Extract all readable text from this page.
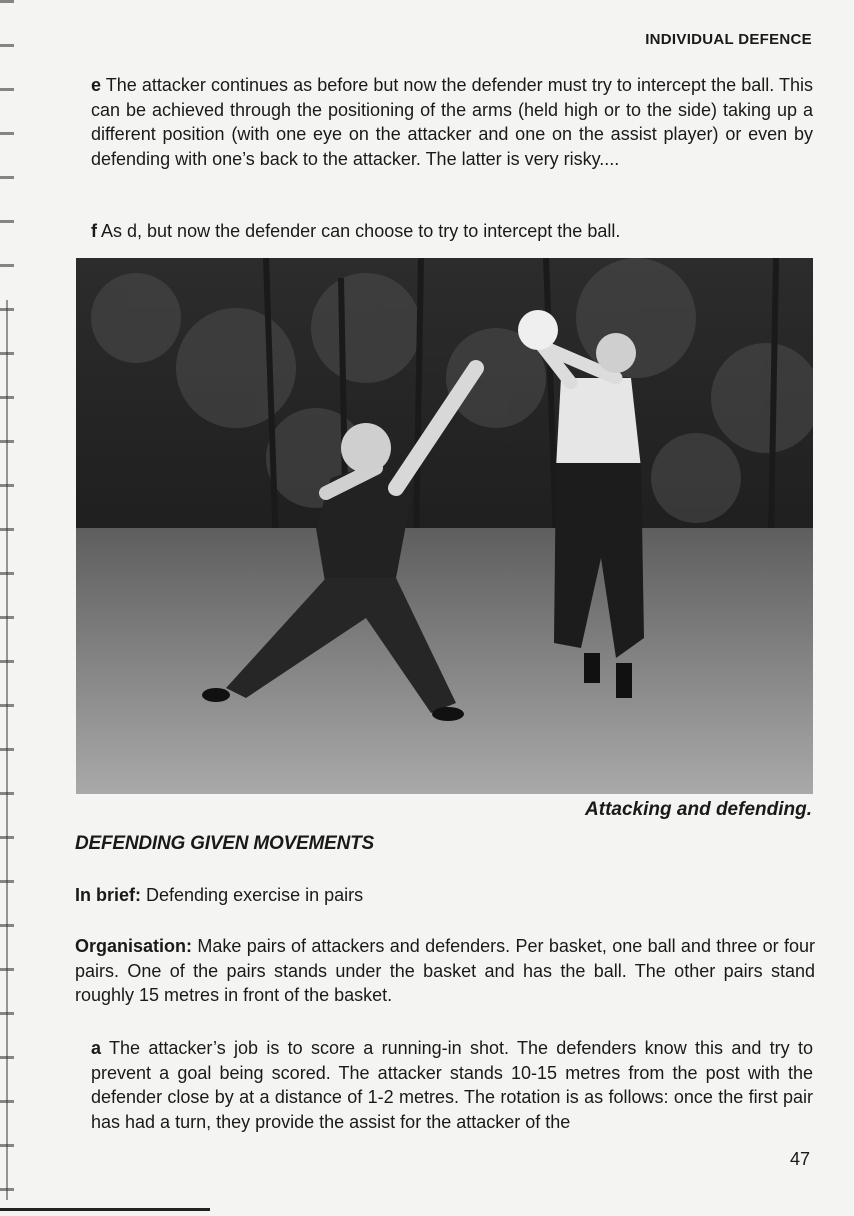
INDIVIDUAL DEFENCE

e The attacker continues as before but now the defender must try to intercept the ball. This can be achieved through the positioning of the arms (held high or to the side) taking up a different position (with one eye on the attacker and one on the assist player) or even by defending with one’s back to the attacker. The latter is very risky....

f As d, but now the defender can choose to try to intercept the ball.

Attacking and defending.
DEFENDING GIVEN MOVEMENTS

In brief: Defending exercise in pairs

Organisation: Make pairs of attackers and defenders. Per basket, one ball and three or four pairs. One of the pairs stands under the basket and has the ball. The other pairs stand roughly 15 metres in front of the basket.

a The attacker’s job is to score a running-in shot. The defenders know this and try to prevent a goal being scored. The attacker stands 10-15 metres from the post with the defender close by at a distance of 1-2 metres. The rotation is as follows: once the first pair has had a turn, they provide the assist for the attacker of the

47
